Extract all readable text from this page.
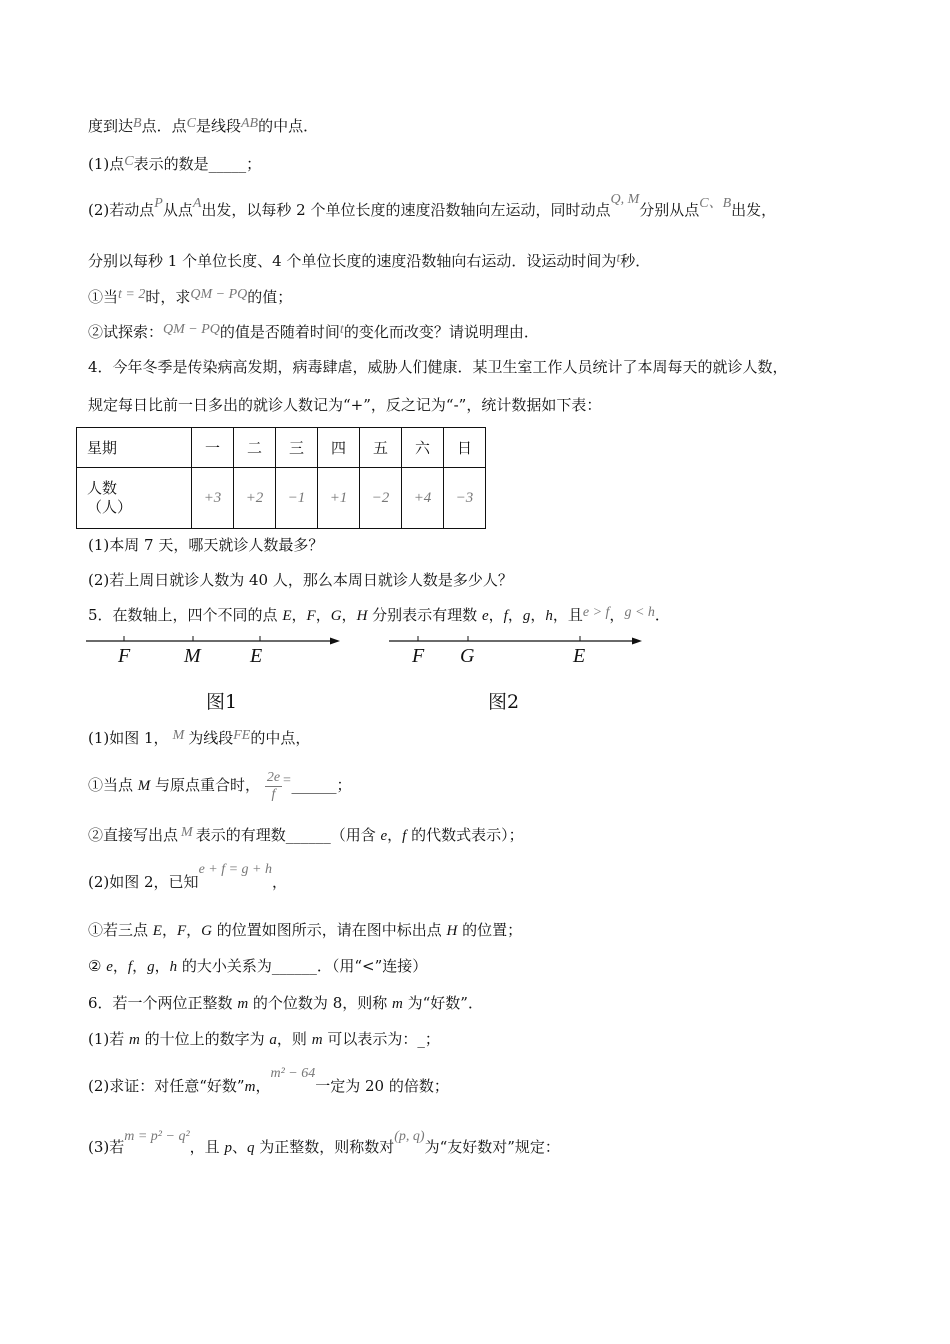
度到达B点．点C是线段AB的中点．
(1)点C表示的数是_____；
(2)若动点P从点A出发，以每秒 2 个单位长度的速度沿数轴向左运动，同时动点Q, M分别从点C、B出发，
分别以每秒 1 个单位长度、4 个单位长度的速度沿数轴向右运动．设运动时间为t秒．
①当t = 2时，求QM − PQ的值；
②试探索：QM − PQ的值是否随着时间t的变化而改变？请说明理由．
4．今年冬季是传染病高发期，病毒肆虐，威胁人们健康．某卫生室工作人员统计了本周每天的就诊人数，
规定每日比前一日多出的就诊人数记为“+”，反之记为“-”，统计数据如下表：
星期	一	二	三	四	五	六	日
人数
（人）	+3	+2	−1	+1	−2	+4	−3
(1)本周 7 天，哪天就诊人数最多？
(2)若上周日就诊人数为 40 人，那么本周日就诊人数是多少人？
5．在数轴上，四个不同的点 E，F，G，H 分别表示有理数 e，f，g，h，且e > f，g < h．
F	M E	F G	E
图1	图2
(1)如图 1， M 为线段FE的中点，
①当点 M 与原点重合时， $\frac{2e}{f}$ =______；
②直接写出点 M 表示的有理数______（用含 e，f 的代数式表示）；
(2)如图 2，已知e + f = g + h，
①若三点 E，F，G 的位置如图所示，请在图中标出点 H 的位置；
② e，f，g，h 的大小关系为______．（用“<”连接）
6．若一个两位正整数 m 的个位数为 8，则称 m 为“好数”．
(1)若 m 的十位上的数字为 a，则 m 可以表示为：_；
(2)求证：对任意“好数”m，m² − 64一定为 20 的倍数；
(3)若m = p² − q²，且 p、q 为正整数，则称数对(p, q)为“友好数对”规定：
